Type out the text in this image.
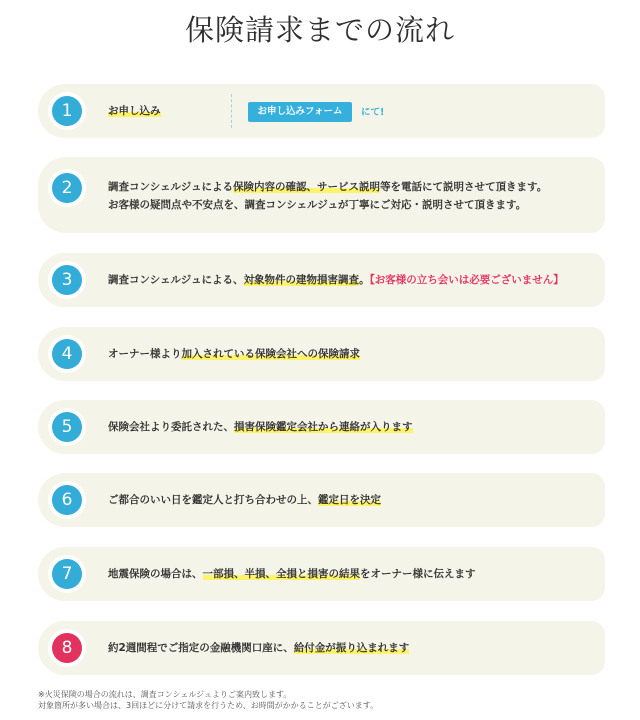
保険請求までの流れ
1	お申し込み	お申し込みフォーム	にて!
2	調査コンシェルジュによる保険内容の確認、サービス説明等を電話にて説明させて頂きます。
お客様の疑問点や不安点を、調査コンシェルジュが丁寧にご対応・説明させて頂きます。
3	調査コンシェルジュによる、対象物件の建物損害調査。【お客様の立ち会いは必要ございません】
4	オーナー様より加入されている保険会社への保険請求
5	保険会社より委託された、損害保険鑑定会社から連絡が入ります
6	ご都合のいい日を鑑定人と打ち合わせの上、鑑定日を決定
7	地震保険の場合は、一部損、半損、全損と損害の結果をオーナー様に伝えます
8	約2週間程でご指定の金融機関口座に、給付金が振り込まれます
※火災保険の場合の流れは、調査コンシェルジュよりご案内致します。
対象箇所が多い場合は、3回ほどに分けて請求を行うため、お時間がかかることがございます。
